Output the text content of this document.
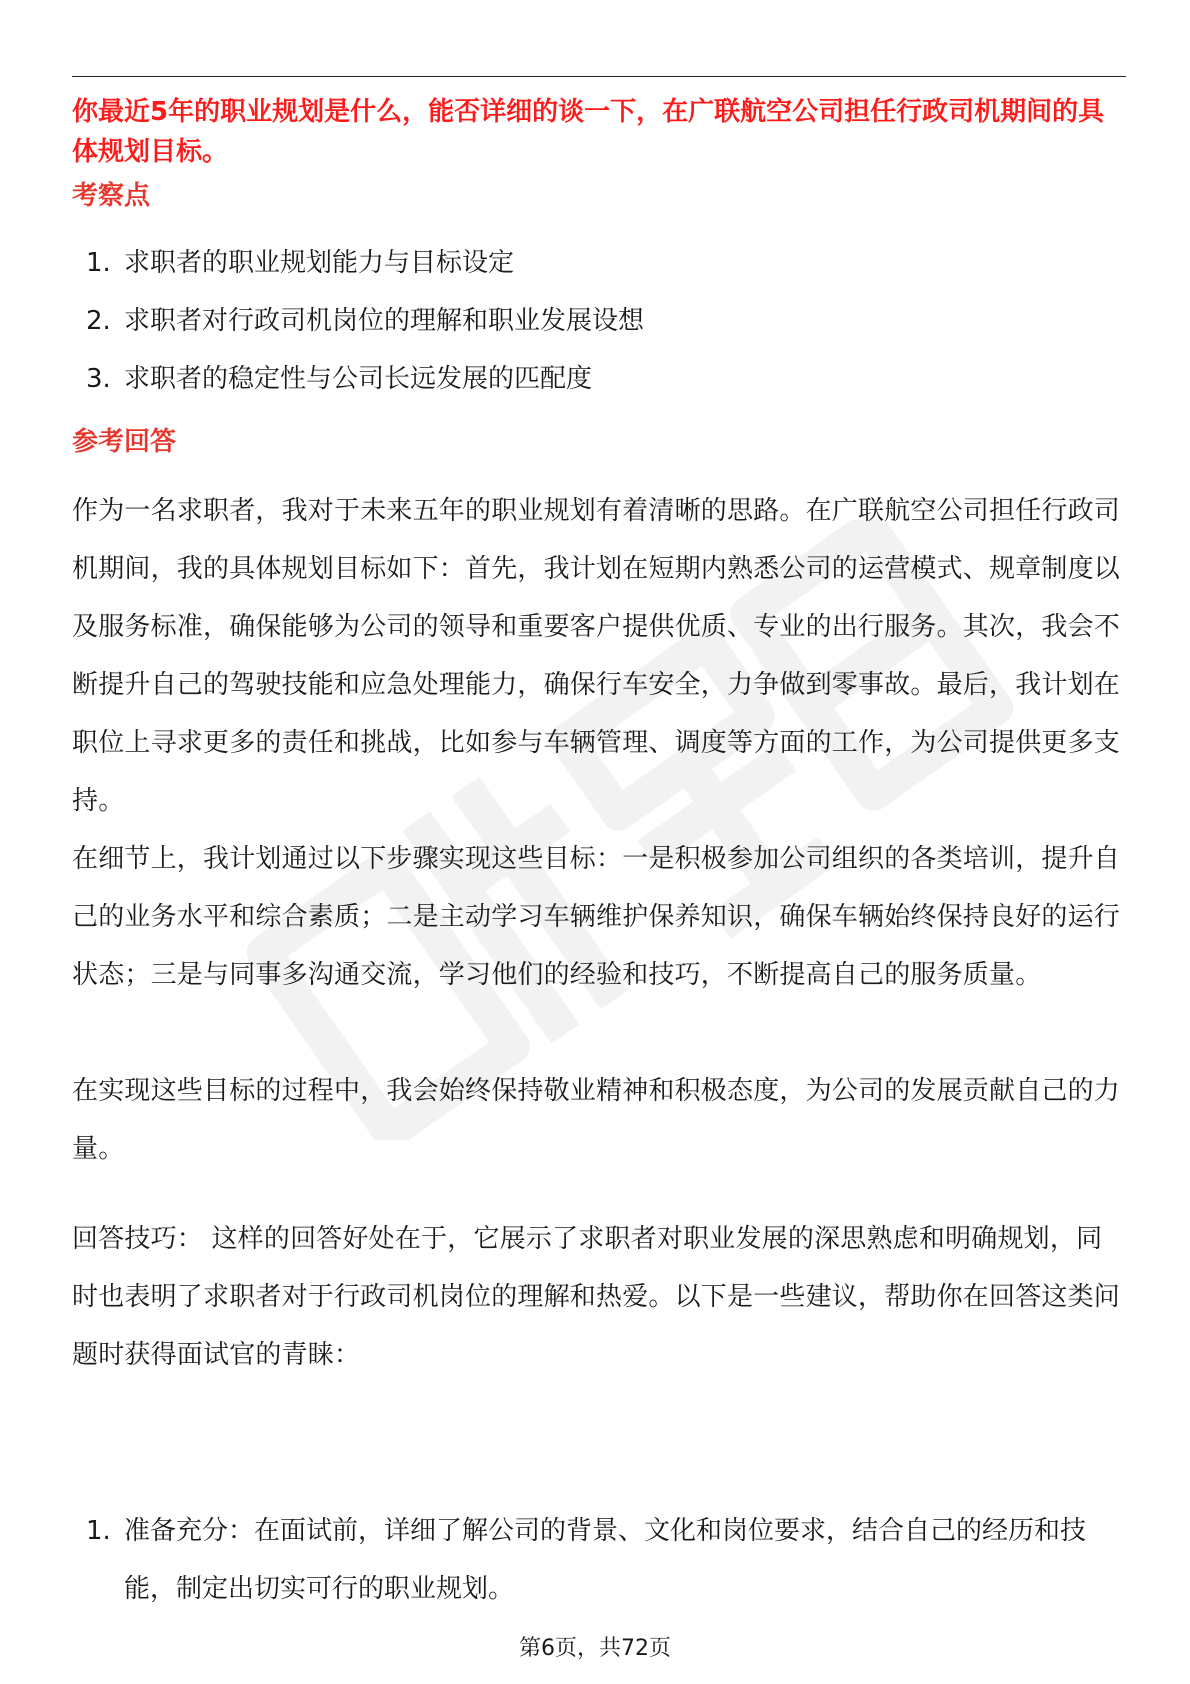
你最近5年的职业规划是什么，能否详细的谈一下，在广联航空公司担任行政司机期间的具体规划目标。
考察点
1. 求职者的职业规划能力与目标设定
2. 求职者对行政司机岗位的理解和职业发展设想
3. 求职者的稳定性与公司长远发展的匹配度
参考回答

作为一名求职者，我对于未来五年的职业规划有着清晰的思路。在广联航空公司担任行政司机期间，我的具体规划目标如下：首先，我计划在短期内熟悉公司的运营模式、规章制度以及服务标准，确保能够为公司的领导和重要客户提供优质、专业的出行服务。其次，我会不断提升自己的驾驶技能和应急处理能力，确保行车安全，力争做到零事故。最后，我计划在职位上寻求更多的责任和挑战，比如参与车辆管理、调度等方面的工作，为公司提供更多支持。

在细节上，我计划通过以下步骤实现这些目标：一是积极参加公司组织的各类培训，提升自己的业务水平和综合素质；二是主动学习车辆维护保养知识，确保车辆始终保持良好的运行状态；三是与同事多沟通交流，学习他们的经验和技巧，不断提高自己的服务质量。

在实现这些目标的过程中，我会始终保持敬业精神和积极态度，为公司的发展贡献自己的力量。

回答技巧： 这样的回答好处在于，它展示了求职者对职业发展的深思熟虑和明确规划，同时也表明了求职者对于行政司机岗位的理解和热爱。以下是一些建议，帮助你在回答这类问题时获得面试官的青睐：

1. 准备充分：在面试前，详细了解公司的背景、文化和岗位要求，结合自己的经历和技能，制定出切实可行的职业规划。
第6页，共72页
